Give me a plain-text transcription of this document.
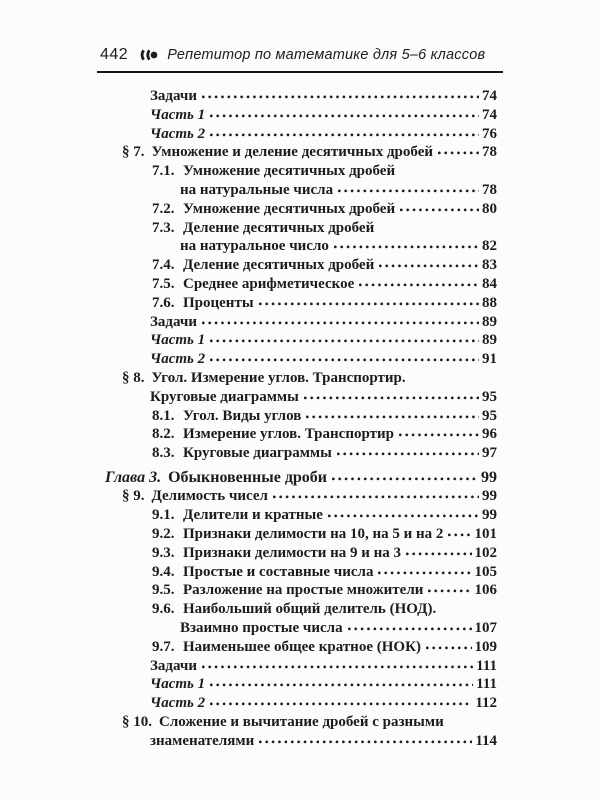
442	Репетитор по математике для 5–6 классов
Задачи	74
Часть 1	74
Часть 2	76
§ 7. Умножение и деление десятичных дробей	78
7.1. Умножение десятичных дробей
на натуральные числа	78
7.2. Умножение десятичных дробей	80
7.3. Деление десятичных дробей
на натуральное число	82
7.4. Деление десятичных дробей	83
7.5. Среднее арифметическое	84
7.6. Проценты	88
Задачи	89
Часть 1	89
Часть 2	91
§ 8. Угол. Измерение углов. Транспортир.
Круговые диаграммы	95
8.1. Угол. Виды углов	95
8.2. Измерение углов. Транспортир	96
8.3. Круговые диаграммы	97
Глава 3. Обыкновенные дроби	99
§ 9. Делимость чисел	99
9.1. Делители и кратные	99
9.2. Признаки делимости на 10, на 5 и на 2 101
9.3. Признаки делимости на 9 и на 3	102
9.4. Простые и составные числа	105
9.5. Разложение на простые множители	106
9.6. Наибольший общий делитель (НОД).
Взаимно простые числа	107
9.7. Наименьшее общее кратное (НОК)	109
Задачи	111
Часть 1	111
Часть 2	112
§ 10. Сложение и вычитание дробей с разными
знаменателями	114
